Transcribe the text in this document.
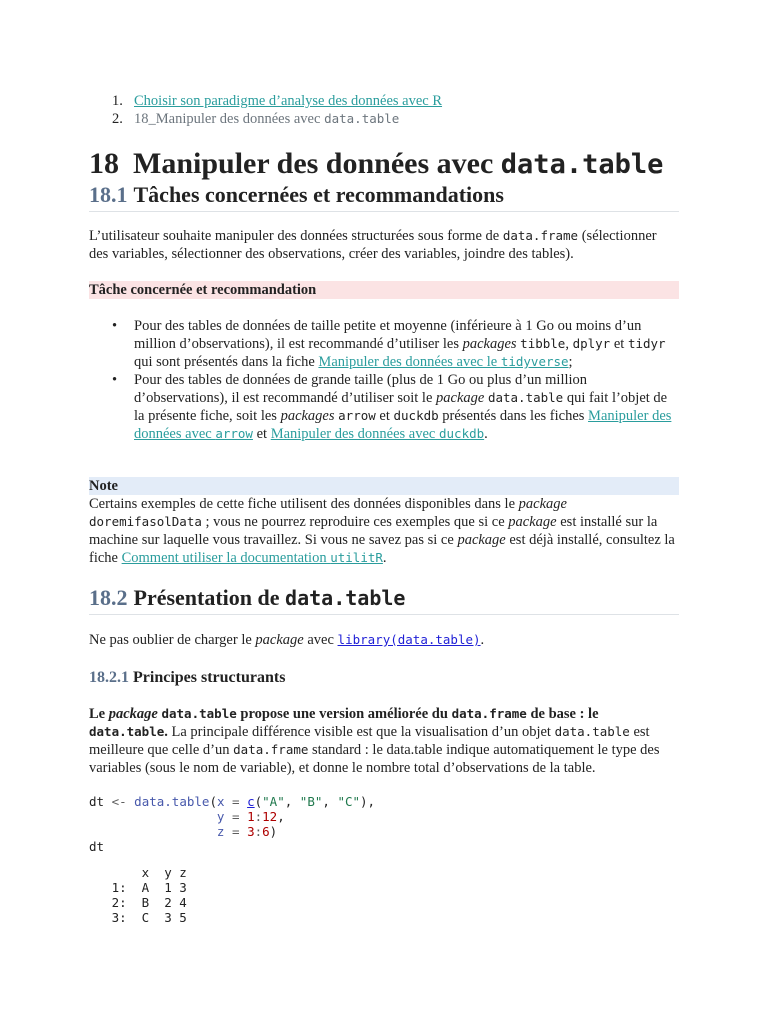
1. Choisir son paradigme d’analyse des données avec R
2. 18_Manipuler des données avec data.table
18 Manipuler des données avec data.table
18.1 Tâches concernées et recommandations
L’utilisateur souhaite manipuler des données structurées sous forme de data.frame (sélectionner des variables, sélectionner des observations, créer des variables, joindre des tables).
Tâche concernée et recommandation
• Pour des tables de données de taille petite et moyenne (inférieure à 1 Go ou moins d’un million d’observations), il est recommandé d’utiliser les packages tibble, dplyr et tidyr qui sont présentés dans la fiche Manipuler des données avec le tidyverse;
• Pour des tables de données de grande taille (plus de 1 Go ou plus d’un million d’observations), il est recommandé d’utiliser soit le package data.table qui fait l’objet de la présente fiche, soit les packages arrow et duckdb présentés dans les fiches Manipuler des données avec arrow et Manipuler des données avec duckdb.
Note
Certains exemples de cette fiche utilisent des données disponibles dans le package doremifasolData ; vous ne pourrez reproduire ces exemples que si ce package est installé sur la machine sur laquelle vous travaillez. Si vous ne savez pas si ce package est déjà installé, consultez la fiche Comment utiliser la documentation utilitR.
18.2 Présentation de data.table
Ne pas oublier de charger le package avec library(data.table).
18.2.1 Principes structurants
Le package data.table propose une version améliorée du data.frame de base : le data.table. La principale différence visible est que la visualisation d’un objet data.table est meilleure que celle d’un data.frame standard : le data.table indique automatiquement le type des variables (sous le nom de variable), et donne le nombre total d’observations de la table.
dt <- data.table(x = c("A", "B", "C"),
y = 1:12,
z = 3:6)
dt
x  y z
1:  A  1 3
2:  B  2 4
3:  C  3 5
